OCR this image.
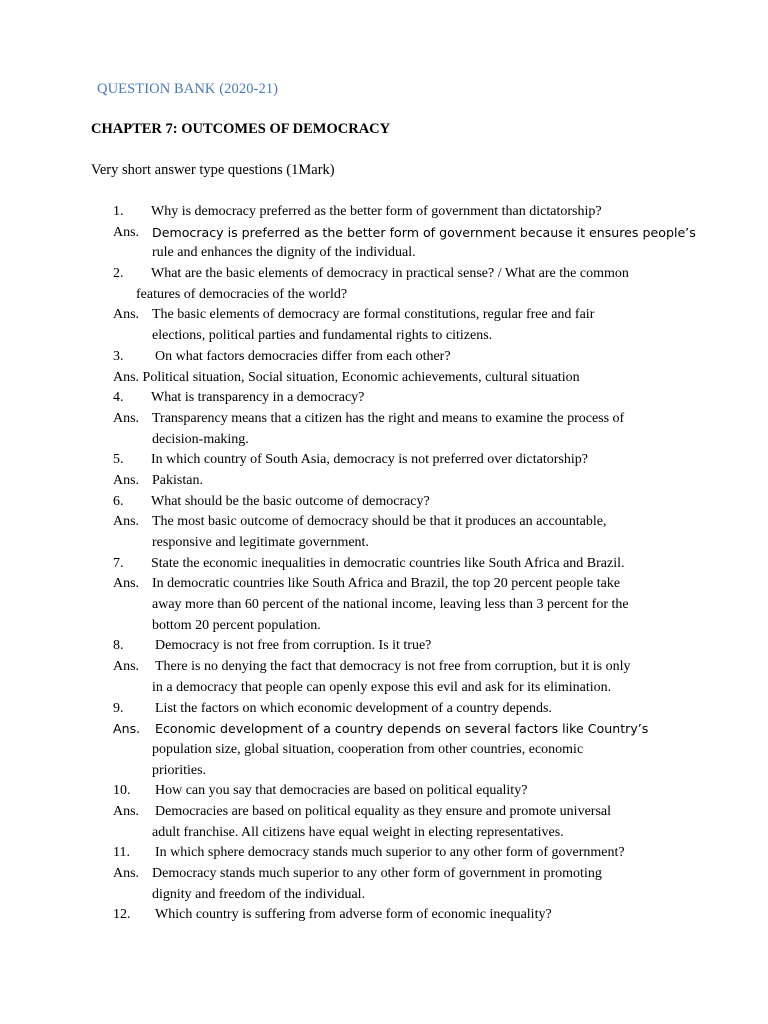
QUESTION BANK (2020-21)
CHAPTER 7: OUTCOMES OF DEMOCRACY
Very short answer type questions (1Mark)
1. Why is democracy preferred as the better form of government than dictatorship?
Ans. Democracy is preferred as the better form of government because it ensures people’s
rule and enhances the dignity of the individual.
2. What are the basic elements of democracy in practical sense? / What are the common
features of democracies of the world?
Ans. The basic elements of democracy are formal constitutions, regular free and fair
elections, political parties and fundamental rights to citizens.
3. On what factors democracies differ from each other?
Ans. Political situation, Social situation, Economic achievements, cultural situation
4. What is transparency in a democracy?
Ans. Transparency means that a citizen has the right and means to examine the process of
decision-making.
5. In which country of South Asia, democracy is not preferred over dictatorship?
Ans. Pakistan.
6. What should be the basic outcome of democracy?
Ans. The most basic outcome of democracy should be that it produces an accountable,
responsive and legitimate government.
7. State the economic inequalities in democratic countries like South Africa and Brazil.
Ans. In democratic countries like South Africa and Brazil, the top 20 percent people take
away more than 60 percent of the national income, leaving less than 3 percent for the
bottom 20 percent population.
8. Democracy is not free from corruption. Is it true?
Ans. There is no denying the fact that democracy is not free from corruption, but it is only
in a democracy that people can openly expose this evil and ask for its elimination.
9. List the factors on which economic development of a country depends.
Ans. Economic development of a country depends on several factors like Country’s
population size, global situation, cooperation from other countries, economic
priorities.
10. How can you say that democracies are based on political equality?
Ans. Democracies are based on political equality as they ensure and promote universal
adult franchise. All citizens have equal weight in electing representatives.
11. In which sphere democracy stands much superior to any other form of government?
Ans. Democracy stands much superior to any other form of government in promoting
dignity and freedom of the individual.
12. Which country is suffering from adverse form of economic inequality?
